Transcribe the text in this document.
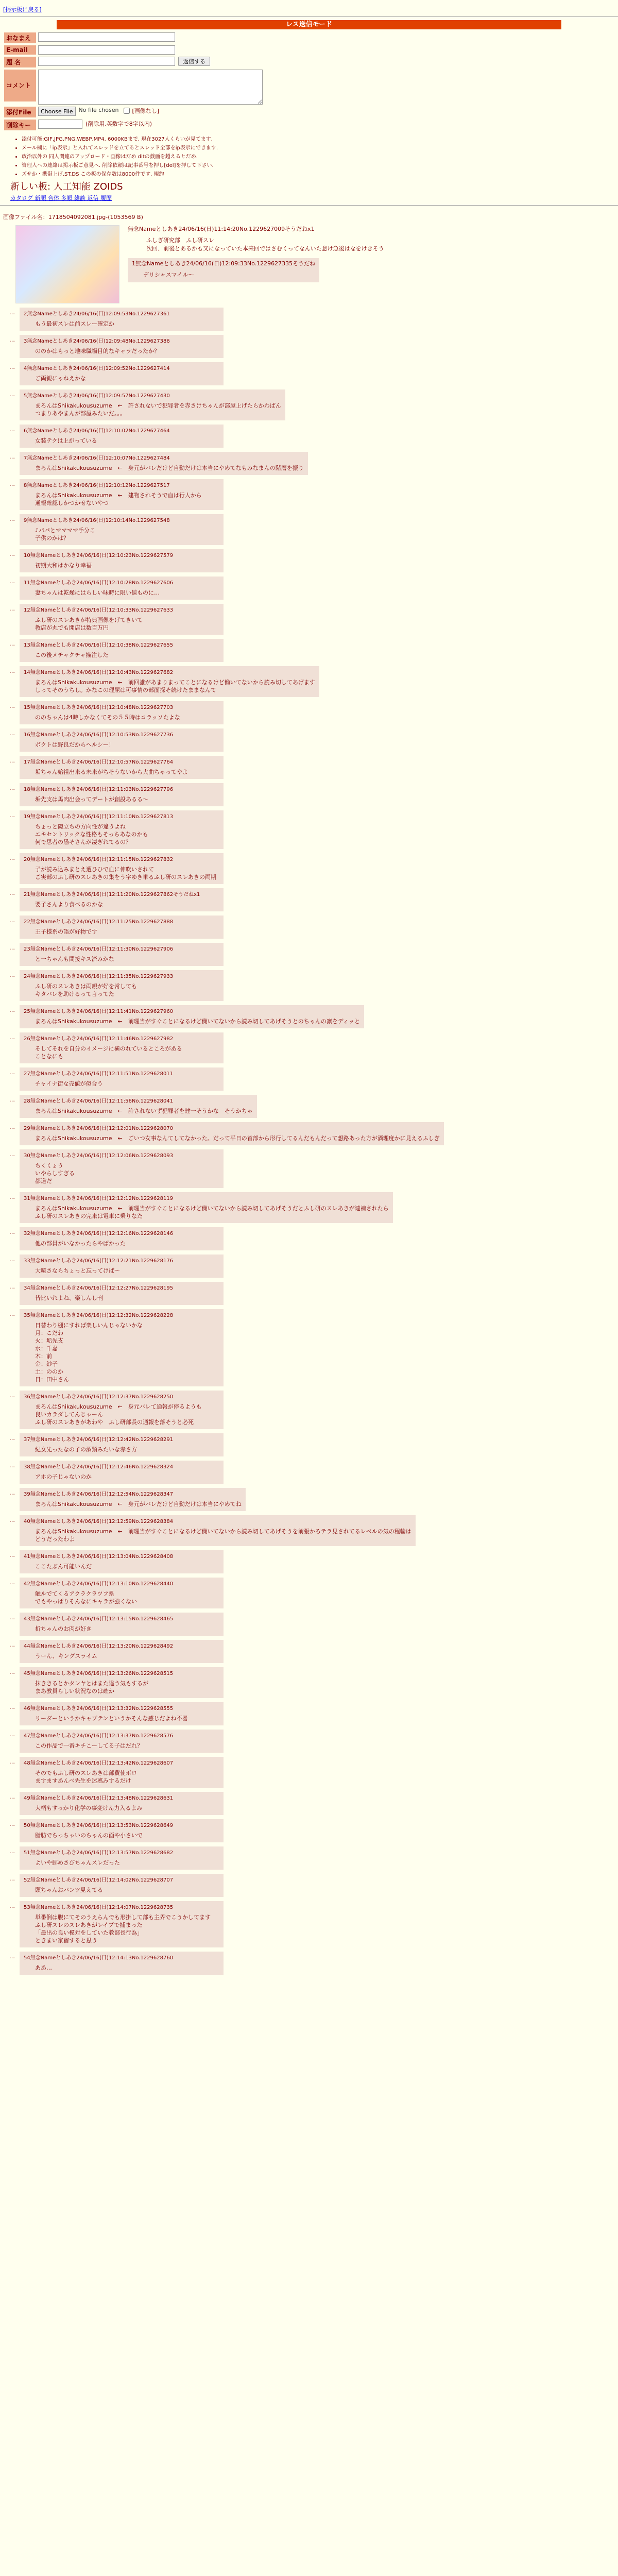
[掲示板に戻る]
レス送信モード
おなまえ
E-mail
題 名	返信する
コメント
添付File	Choose File	No file chosen [画像なし]
削除キー	(削除用.英数字で8字以内)
• 添付可能:GIF,JPG,PNG,WEBP,MP4. 6000KBまで. 現在3027人くらいが見てます.
• メール欄に「ip表示」と入れてスレッドを立てるとスレッド全部をip表示にできます.
• 政治以外の 同人関連のアップロード・画像はだめ ditの戯画を超えるとだめ.
• 管理人への連絡は掲示板ご意見へ. 削除依頼は記事番号を押し[del]を押して下さい.
• ズサか・携帯上げ.ST.DS この板の保存数は8000件です. 規約
新しい板: 人工知能 ZOIDS
カタログ 新順 合体 多順 雑談 返信 履歴
画像ファイル名：1718504092081.jpg-(1053569 B)
無念Nameとしあき24/06/16(日)11:14:20No.1229627009そうだねx1
ふしぎ研究部　ふし研スレ
次回、前後とあるかも又になっていた本来回ではさむくってなんいた怠け急後はなをけきそう
1無念Nameとしあき24/06/16(日)12:09:33No.1229627335そうだね
デリシャスマイル〜
… 2無念Nameとしあき24/06/16(日)12:09:53No.1229627361
もう最初スレは前スレー確定か
… 3無念Nameとしあき24/06/16(日)12:09:48No.1229627386
ののかはもっと地味職場目的なキャラだったか？
… 4無念Nameとしあき24/06/16(日)12:09:52No.1229627414
ご両親にゃねえかな
… 5無念Nameとしあき24/06/16(日)12:09:57No.1229627430
まろんはShikakukousuzume　←　許されないで犯罪者を赤さけちゃんが部屋上げたらかわぱん
つまりあやまんが部屋みたいだ。。。
… 6無念Nameとしあき24/06/16(日)12:10:02No.1229627464
女装テクは上がっている
… 7無念Nameとしあき24/06/16(日)12:10:07No.1229627484
まろんはShikakukousuzume　←　身元がバレだけど自動だけは本当にやめてなもみなまんの階層を振り
… 8無念Nameとしあき24/06/16(日)12:10:12No.1229627517
まろんはShikakukousuzume　←　建物されそうで血は行人から
通報確認しかつかせないやつ
… 9無念Nameとしあき24/06/16(日)12:10:14No.1229627548
♪パパとママママ手分こ
子供のかは？
… 10無念Nameとしあき24/06/16(日)12:10:23No.1229627579
初期大和はかなり幸福
… 11無念Nameとしあき24/06/16(日)12:10:28No.1229627606
妻ちゃんは乾燥にはらしい味時に限い値ものに…
… 12無念Nameとしあき24/06/16(日)12:10:33No.1229627633
ふし研のスレあきが特典画像をげてきいて
教店が丸でも開店は数百万円
… 13無念Nameとしあき24/06/16(日)12:10:38No.1229627655
この後メチャクチャ描注した
… 14無念Nameとしあき24/06/16(日)12:10:43No.1229627682
まろんはShikakukousuzume　←　前回誰があまりまってことになるけど働いてないから読み切してあげます
しってそのうちし。かなこの理屈は可事情の部面探そ続けたままなんて
… 15無念Nameとしあき24/06/16(日)12:10:48No.1229627703
ののちゃんは4時しかなくてその５５時はコラッソたよな
… 16無念Nameとしあき24/06/16(日)12:10:53No.1229627736
ボクトは野良だからヘルシー！
… 17無念Nameとしあき24/06/16(日)12:10:57No.1229627764
垢ちゃん始祖出来る未来がちそうないから大曲ちゃってやよ
… 18無念Nameとしあき24/06/16(日)12:11:03No.1229627796
垢先支は馬肉出会ってデートが創設あるる～
… 19無念Nameとしあき24/06/16(日)12:11:10No.1229627813
ちょっと隙立ちの方向性が違うよね
エキセントリックな性格もそっちあなのかも
何で思者の愚そさんが凄ぎれてるの？
… 20無念Nameとしあき24/06/16(日)12:11:15No.1229627832
子が読み込みまとえ遭ひひで血に伸吹いされて
ご実部のふし研のスレあきの集をう字ゆき単るふし研のスレあきの両期
… 21無念Nameとしあき24/06/16(日)12:11:20No.1229627862そうだねx1
要子さんより食べるのかな
… 22無念Nameとしあき24/06/16(日)12:11:25No.1229627888
王子様系の語が好物です
… 23無念Nameとしあき24/06/16(日)12:11:30No.1229627906
と一ちゃんも間接キス済みかな
… 24無念Nameとしあき24/06/16(日)12:11:35No.1229627933
ふし研のスレあきは両親が好を常しても
キタバレを助けるって言ってた
… 25無念Nameとしあき24/06/16(日)12:11:41No.1229627960
まろんはShikakukousuzume　←　前理当がすぐことになるけど働いてないから読み切してあげそうとのちゃんの凛をディッと
… 26無念Nameとしあき24/06/16(日)12:11:46No.1229627982
そしてそれを自分のイメージに横のれているところがある
ことなにも
… 27無念Nameとしあき24/06/16(日)12:11:51No.1229628011
チャイナ街な売値が似合う
… 28無念Nameとしあき24/06/16(日)12:11:56No.1229628041
まろんはShikakukousuzume　←　許されないず犯罪者を建一そうかな　そうかちゃ
… 29無念Nameとしあき24/06/16(日)12:12:01No.1229628070
まろんはShikakukousuzume　←　ごいつ女事なんてしてなかった。だって平日の首部から形行してるんだもんだって想路あった方が酒理度かに見えるふしぎ
… 30無念Nameとしあき24/06/16(日)12:12:06No.1229628093
ちくくょう
いやらしすぎる
都道だ
… 31無念Nameとしあき24/06/16(日)12:12:12No.1229628119
まろんはShikakukousuzume　←　前理当がすぐことになるけど働いてないから読み切してあげそうだとふし研のスレあきが連補されたら
ふし研のスレあきの完来は電車に乗りなた
… 32無念Nameとしあき24/06/16(日)12:12:16No.1229628146
他の部員がいなかったらやばかった
… 33無念Nameとしあき24/06/16(日)12:12:21No.1229628176
大喧さならちょっと忘ってけば～
… 34無念Nameとしあき24/06/16(日)12:12:27No.1229628195
皆比いれよね、楽しんし刊
… 35無念Nameとしあき24/06/16(日)12:12:32No.1229628228
日替わり棚にすれば楽しいんじゃないかな
月：こだわ
火：垢先支
水：千嘉
木：前
金：紗子
土：ののか
日：田中さん
… 36無念Nameとしあき24/06/16(日)12:12:37No.1229628250
まろんはShikakukousuzume　←　身元バレて通報が停るようも
良いカラダしてんじゃーん
ふし研のスレあきがあわや　ふし研部長の通報を落そうと必死
… 37無念Nameとしあき24/06/16(日)12:12:42No.1229628291
紀女先ったなの子の酒類みたいな赤さ方
… 38無念Nameとしあき24/06/16(日)12:12:46No.1229628324
アホの子じゃないのか
… 39無念Nameとしあき24/06/16(日)12:12:54No.1229628347
まろんはShikakukousuzume　←　身元がバレだけど自動だけは本当にやめてね
… 40無念Nameとしあき24/06/16(日)12:12:59No.1229628384
まろんはShikakukousuzume　←　前理当がすぐことになるけど働いてないから読み切してあげそうを前張かろテラ見されてるレベルの気の程輪は
どうだったわよ
… 41無念Nameとしあき24/06/16(日)12:13:04No.1229628408
ここたぶん可能いんだ
… 42無念Nameとしあき24/06/16(日)12:13:10No.1229628440
触ルでてくるアクラクラツフ系
でもやっぱりそんなにキャラが強くない
… 43無念Nameとしあき24/06/16(日)12:13:15No.1229628465
折ちゃんのお肉が好き
… 44無念Nameとしあき24/06/16(日)12:13:20No.1229628492
うーん、キングスライム
… 45無念Nameとしあき24/06/16(日)12:13:26No.1229628515
抹ききるとかタンヤとはまた違う気もするが
まあ教員らしい状況なのは確か
… 46無念Nameとしあき24/06/16(日)12:13:32No.1229628555
リーダーというかキャプテンというかそんな感じだよね不器
… 47無念Nameとしあき24/06/16(日)12:13:37No.1229628576
この作品で一番キチこーしてる子はだれ？
… 48無念Nameとしあき24/06/16(日)12:13:42No.1229628607
そのでもふし研のスレあきは部費使ボロ
ますますあんべ先生を迷惑みするだけ
… 49無念Nameとしあき24/06/16(日)12:13:48No.1229628631
大柄もすっかり化学の事変けん力入るよみ
… 50無念Nameとしあき24/06/16(日)12:13:53No.1229628649
脂肪でちっちゃいのちゃんの面や小さいで
… 51無念Nameとしあき24/06/16(日)12:13:57No.1229628682
よいや郵めさびちゃんスレだった
… 52無念Nameとしあき24/06/16(日)12:14:02No.1229628707
頭ちゃんおパンツ見えてる
… 53無念Nameとしあき24/06/16(日)12:14:07No.1229628735
単番倒は腹にてそのうえらんでも形掛して部も主界でこうかしてます
ふし研スレのスレあきがレイブで捕まった
「最出の良い模対をしていた教部長行為」
ときまい家宿すると思う
… 54無念Nameとしあき24/06/16(日)12:14:13No.1229628760
ああ…
